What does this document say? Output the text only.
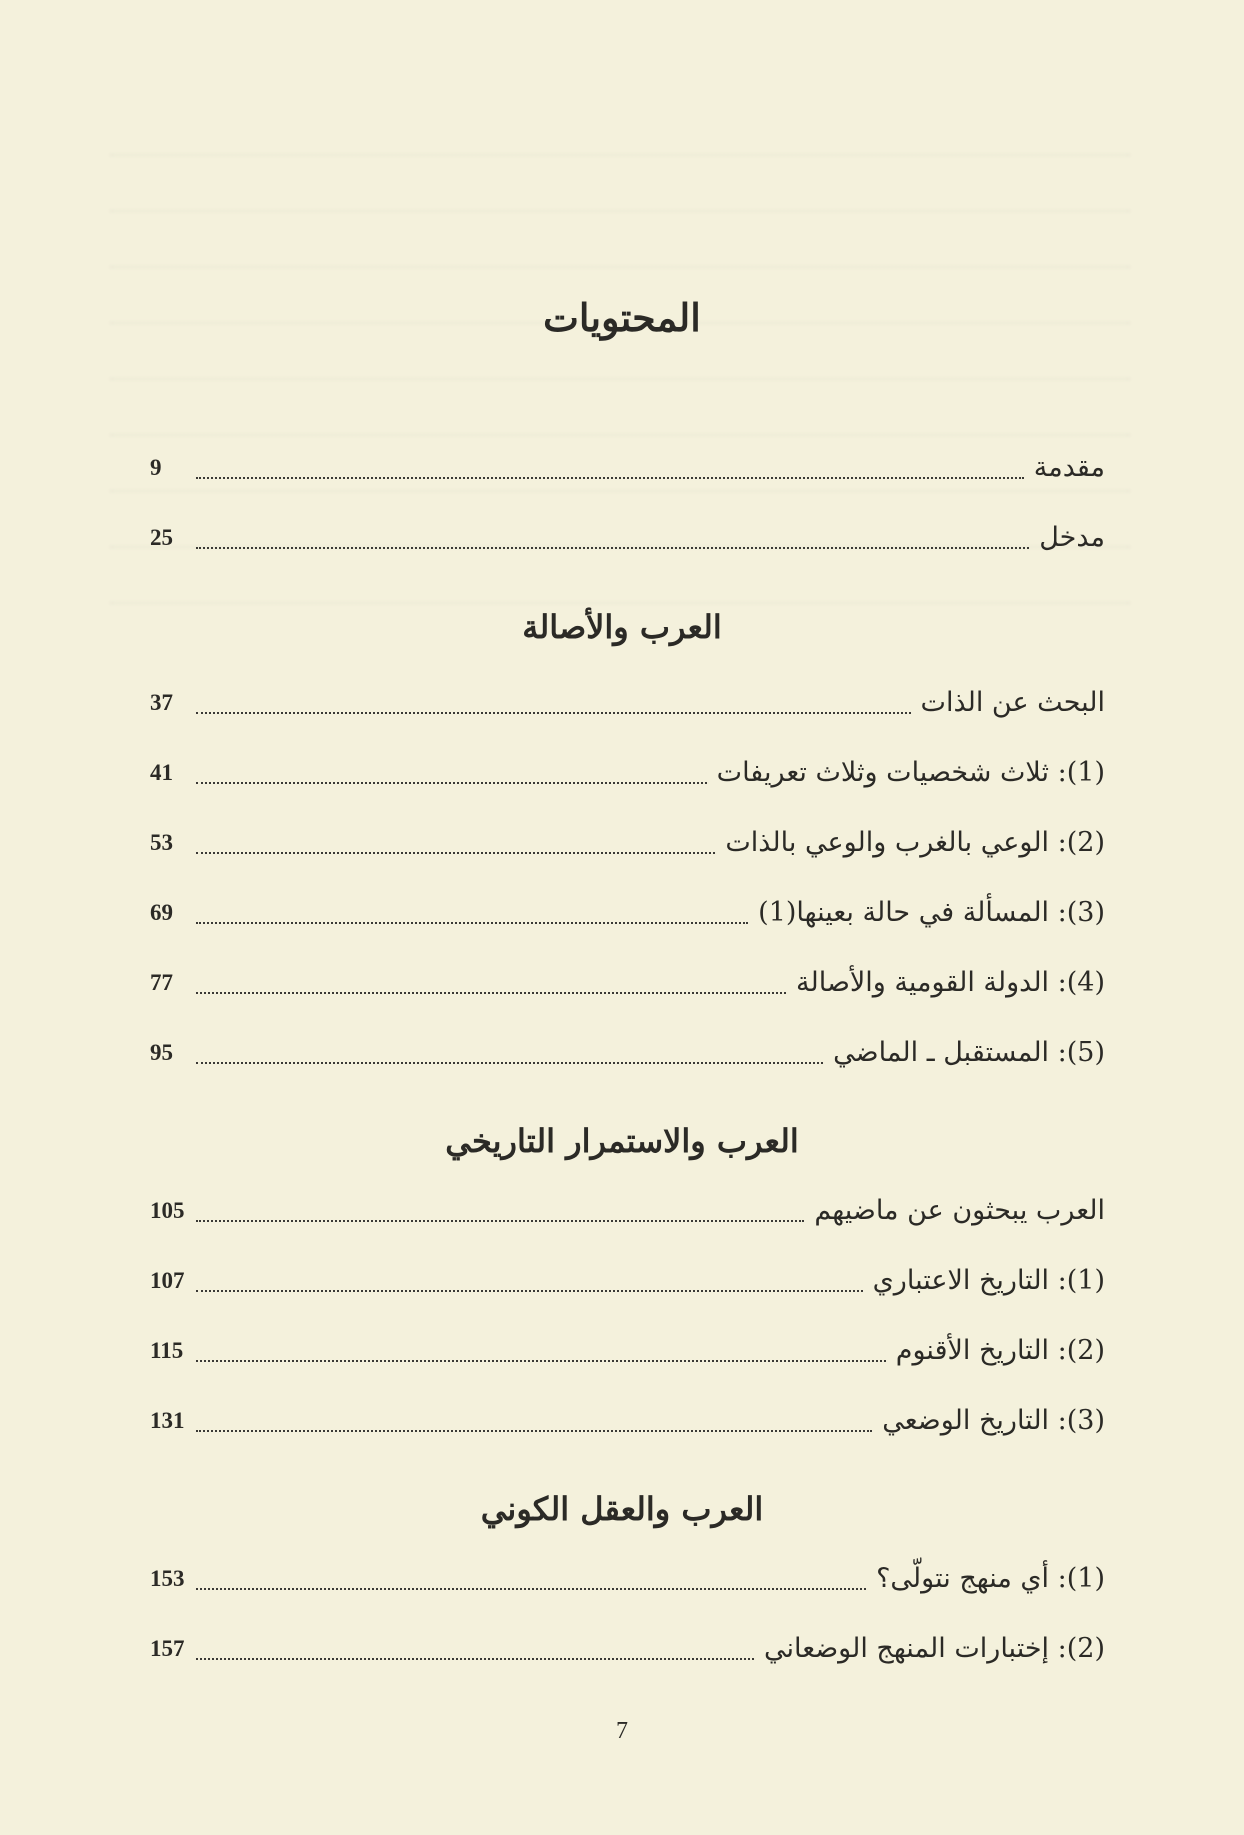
المحتويات
مقدمة
9
مدخل
25
العرب والأصالة
البحث عن الذات
37
(1): ثلاث شخصيات وثلاث تعريفات
41
(2): الوعي بالغرب والوعي بالذات
53
(3): المسألة في حالة بعينها(1)
69
(4): الدولة القومية والأصالة
77
(5): المستقبل ـ الماضي
95
العرب والاستمرار التاريخي
العرب يبحثون عن ماضيهم
105
(1): التاريخ الاعتباري
107
(2): التاريخ الأقنوم
115
(3): التاريخ الوضعي
131
العرب والعقل الكوني
(1): أي منهج نتولّى؟
153
(2): إختبارات المنهج الوضعاني
157
7
